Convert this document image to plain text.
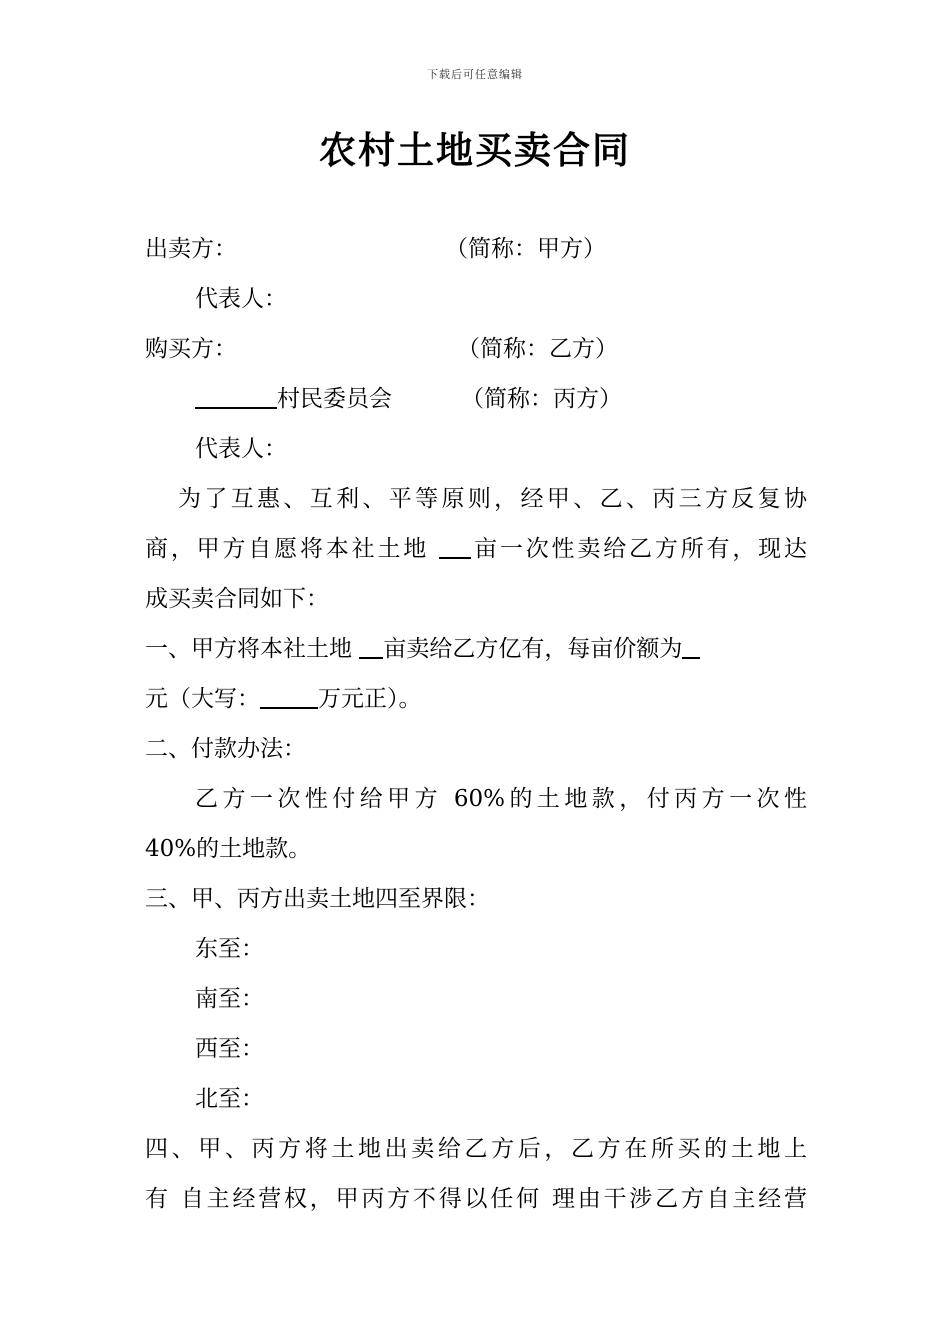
下载后可任意编辑
农村土地买卖合同
出卖方：	（简称：甲方）
代表人：
购买方：	（简称：乙方）
村民委员会	（简称：丙方）
代表人：
为了互惠、互利、平等原则，经甲、乙、丙三方反复协
商，甲方自愿将本社土地 亩一次性卖给乙方所有，现达
成买卖合同如下：
一、甲方将本社土地 亩卖给乙方亿有，每亩价额为
元（大写：	万元正）。
二、付款办法：
乙方一次性付给甲方 60%的土地款，付丙方一次性
40%的土地款。
三、甲、丙方出卖土地四至界限：
东至：
南至：
西至：
北至：
四、甲、丙方将土地出卖给乙方后，乙方在所买的土地上
有 自主经营权，甲丙方不得以任何 理由干涉乙方自主经营
